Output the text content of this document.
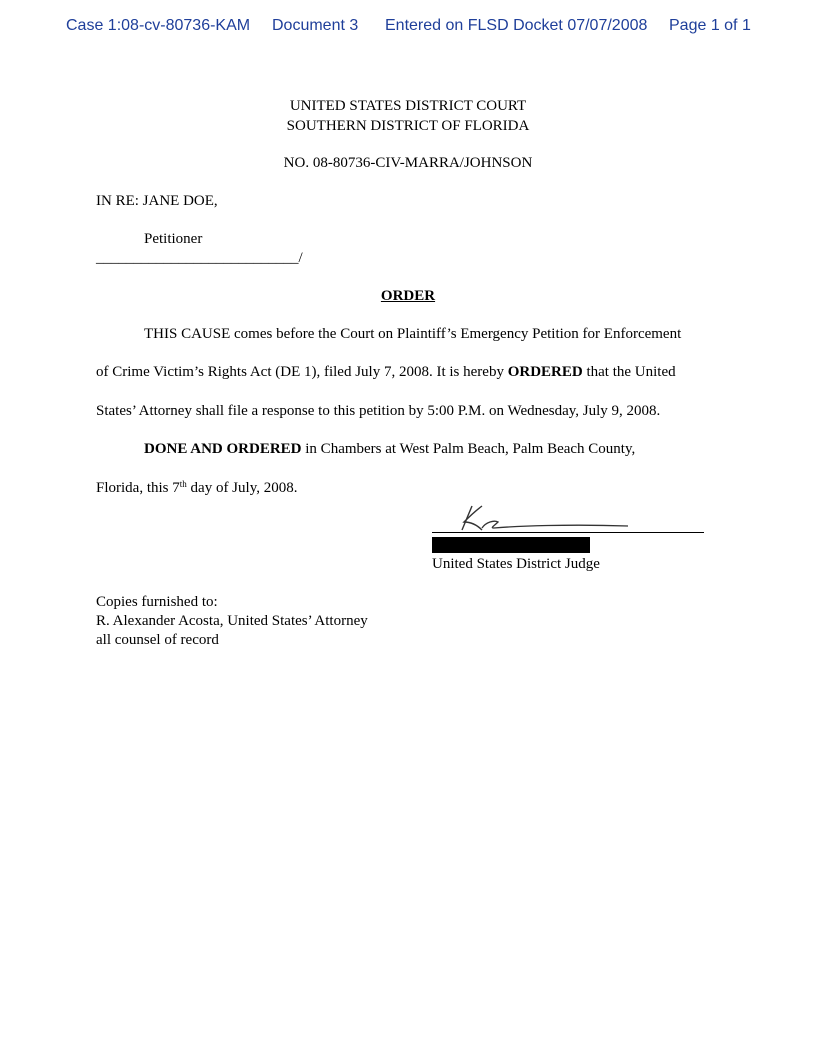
Case 1:08-cv-80736-KAM Document 3 Entered on FLSD Docket 07/07/2008 Page 1 of 1
UNITED STATES DISTRICT COURT
SOUTHERN DISTRICT OF FLORIDA
NO. 08-80736-CIV-MARRA/JOHNSON
IN RE: JANE DOE,
Petitioner
___________________________/
ORDER
THIS CAUSE comes before the Court on Plaintiff’s Emergency Petition for Enforcement
of Crime Victim’s Rights Act (DE 1), filed July 7, 2008. It is hereby ORDERED that the United
States’ Attorney shall file a response to this petition by 5:00 P.M. on Wednesday, July 9, 2008.
DONE AND ORDERED in Chambers at West Palm Beach, Palm Beach County,
Florida, this 7th day of July, 2008.
United States District Judge
Copies furnished to:
R. Alexander Acosta, United States’ Attorney
all counsel of record
